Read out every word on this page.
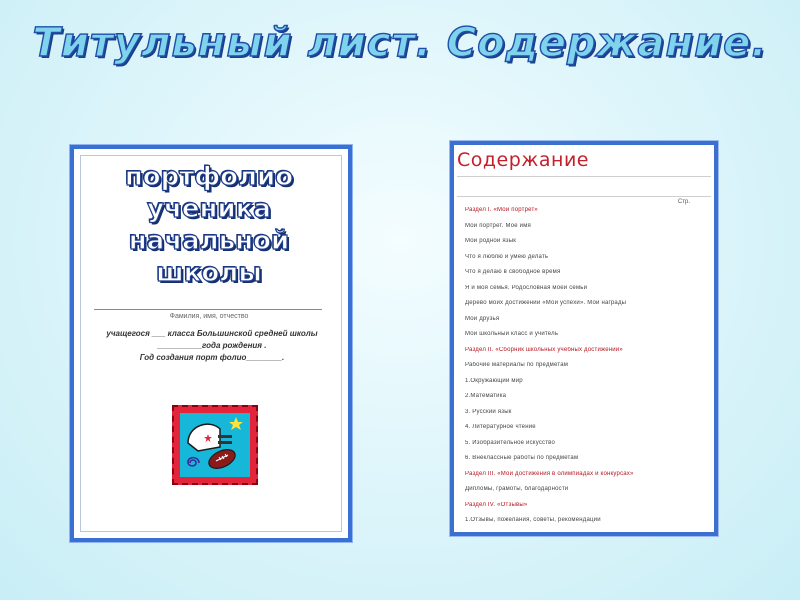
Титульный лист. Содержание.
портфолио
ученика
начальной школы
Фамилия, имя, отчество
учащегося ___ класса Большинской средней школы
__________года рождения .
Год создания порт фолио________.
Содержание
Стр.
Раздел I. «Мой портрет»
Мой портрет. Мое имя
Мой родной язык
Что я люблю и умею делать
Что я делаю в свободное время
Я и моя семья. Родословная моей семьи
Дерево моих достижений «Мои успехи». Мои награды
Мои друзья
Мой школьный класс и учитель
Раздел II. «Сборник школьных учебных достижений»
Рабочие материалы по предметам
1.Окружающий мир
2.Математика
3. Русский язык
4. Литературное чтение
5. Изобразительное искусство
6. Внеклассные работы по предметам
Раздел III. «Мои достижения в олимпиадах и конкурсах»
Дипломы, грамоты, благодарности
Раздел IV. «Отзывы»
1.Отзывы, пожелания, советы, рекомендации
